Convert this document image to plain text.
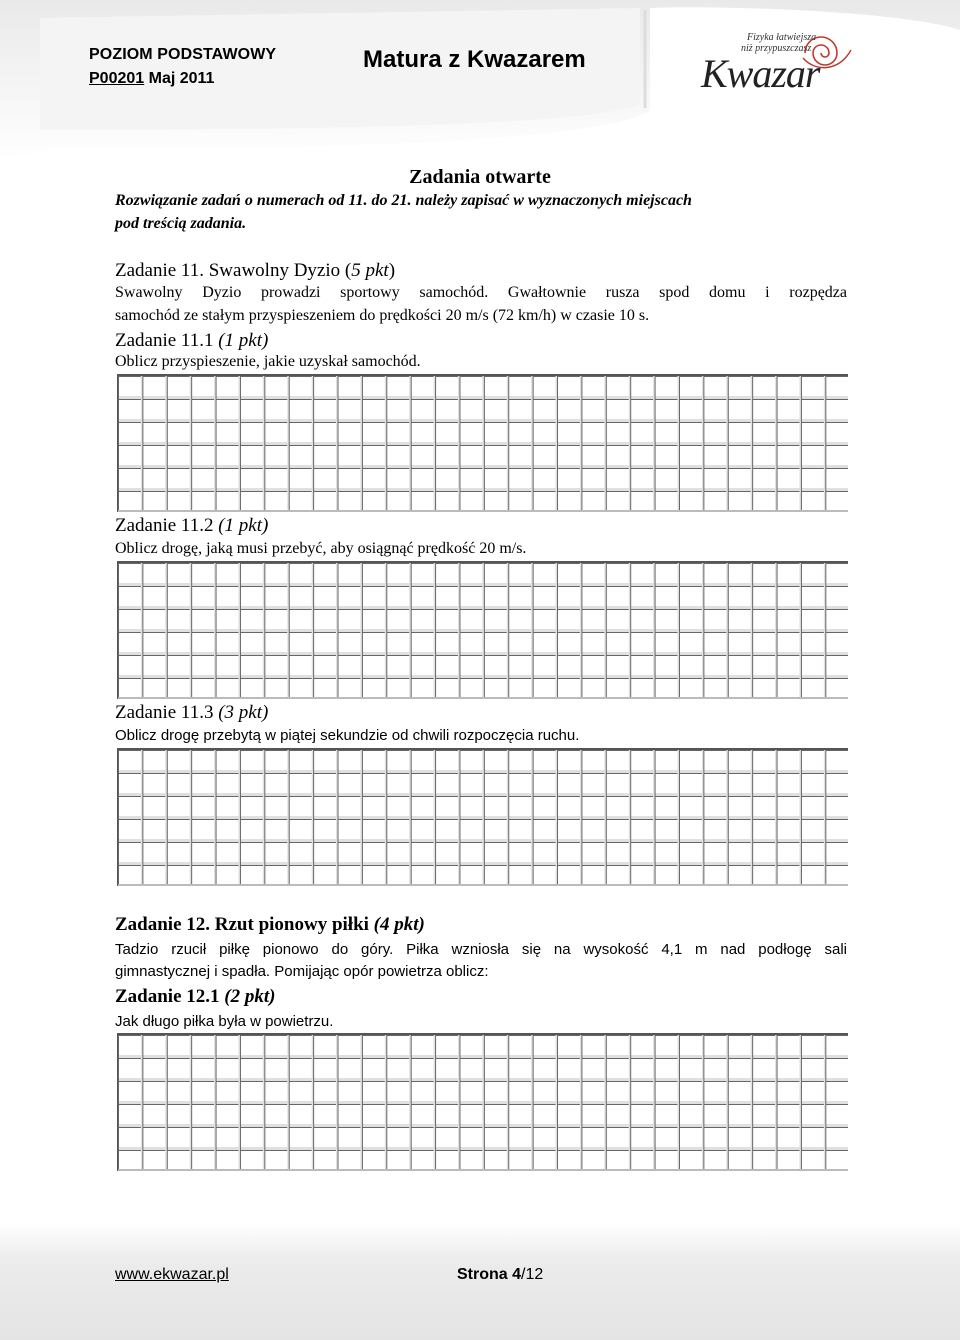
POZIOM PODSTAWOWY
P00201 Maj 2011
Matura z Kwazarem
Fizyka łatwiejsza
niż przypuszczasz
Kwazar
Zadania otwarte
Rozwiązanie zadań o numerach od 11. do 21. należy zapisać w wyznaczonych miejscach
pod treścią zadania.
Zadanie 11. Swawolny Dyzio (5 pkt)
Swawolny Dyzio prowadzi sportowy samochód. Gwałtownie rusza spod domu i rozpędza
samochód ze stałym przyspieszeniem do prędkości 20 m/s (72 km/h) w czasie 10 s.
Zadanie 11.1 (1 pkt)
Oblicz przyspieszenie, jakie uzyskał samochód.
Zadanie 11.2 (1 pkt)
Oblicz drogę, jaką musi przebyć, aby osiągnąć prędkość 20 m/s.
Zadanie 11.3 (3 pkt)
Oblicz drogę przebytą w piątej sekundzie od chwili rozpoczęcia ruchu.
Zadanie 12. Rzut pionowy piłki (4 pkt)
Tadzio rzucił piłkę pionowo do góry. Piłka wzniosła się na wysokość 4,1 m nad podłogę sali
gimnastycznej i spadła. Pomijając opór powietrza oblicz:
Zadanie 12.1 (2 pkt)
Jak długo piłka była w powietrzu.
www.ekwazar.pl	Strona 4/12
